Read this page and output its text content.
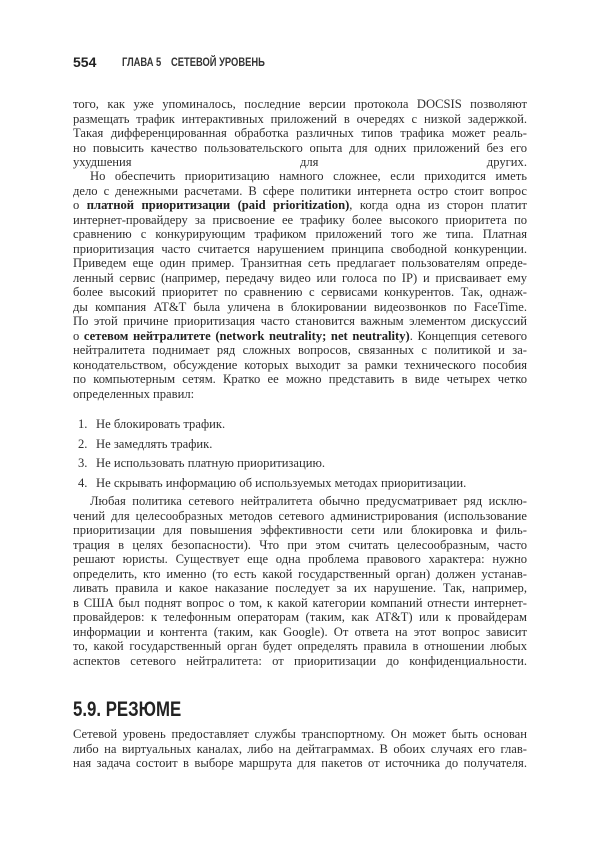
554 ГЛАВА 5 СЕТЕВОЙ УРОВЕНЬ
того, как уже упоминалось, последние версии протокола DOCSIS позволяют
размещать трафик интерактивных приложений в очередях с низкой задержкой.
Такая дифференцированная обработка различных типов трафика может реаль-
но повысить качество пользовательского опыта для одних приложений без его
ухудшения для других.
Но обеспечить приоритизацию намного сложнее, если приходится иметь
дело с денежными расчетами. В сфере политики интернета остро стоит вопрос
о платной приоритизации (paid prioritization), когда одна из сторон платит
интернет-провайдеру за присвоение ее трафику более высокого приоритета по
сравнению с конкурирующим трафиком приложений того же типа. Платная
приоритизация часто считается нарушением принципа свободной конкуренции.
Приведем еще один пример. Транзитная сеть предлагает пользователям опреде-
ленный сервис (например, передачу видео или голоса по IP) и присваивает ему
более высокий приоритет по сравнению с сервисами конкурентов. Так, однаж-
ды компания AT&T была уличена в блокировании видеозвонков по FaceTime.
По этой причине приоритизация часто становится важным элементом дискуссий
о сетевом нейтралитете (network neutrality; net neutrality). Концепция сетевого
нейтралитета поднимает ряд сложных вопросов, связанных с политикой и за-
конодательством, обсуждение которых выходит за рамки технического пособия
по компьютерным сетям. Кратко ее можно представить в виде четырех четко
определенных правил:
1. Не блокировать трафик.
2. Не замедлять трафик.
3. Не использовать платную приоритизацию.
4. Не скрывать информацию об используемых методах приоритизации.
Любая политика сетевого нейтралитета обычно предусматривает ряд исклю-
чений для целесообразных методов сетевого администрирования (использование
приоритизации для повышения эффективности сети или блокировка и филь-
трация в целях безопасности). Что при этом считать целесообразным, часто
решают юристы. Существует еще одна проблема правового характера: нужно
определить, кто именно (то есть какой государственный орган) должен устанав-
ливать правила и какое наказание последует за их нарушение. Так, например,
в США был поднят вопрос о том, к какой категории компаний отнести интернет-
провайдеров: к телефонным операторам (таким, как AT&T) или к провайдерам
информации и контента (таким, как Google). От ответа на этот вопрос зависит
то, какой государственный орган будет определять правила в отношении любых
аспектов сетевого нейтралитета: от приоритизации до конфиденциальности.
5.9. РЕЗЮМЕ
Сетевой уровень предоставляет службы транспортному. Он может быть основан
либо на виртуальных каналах, либо на дейтаграммах. В обоих случаях его глав-
ная задача состоит в выборе маршрута для пакетов от источника до получателя.
